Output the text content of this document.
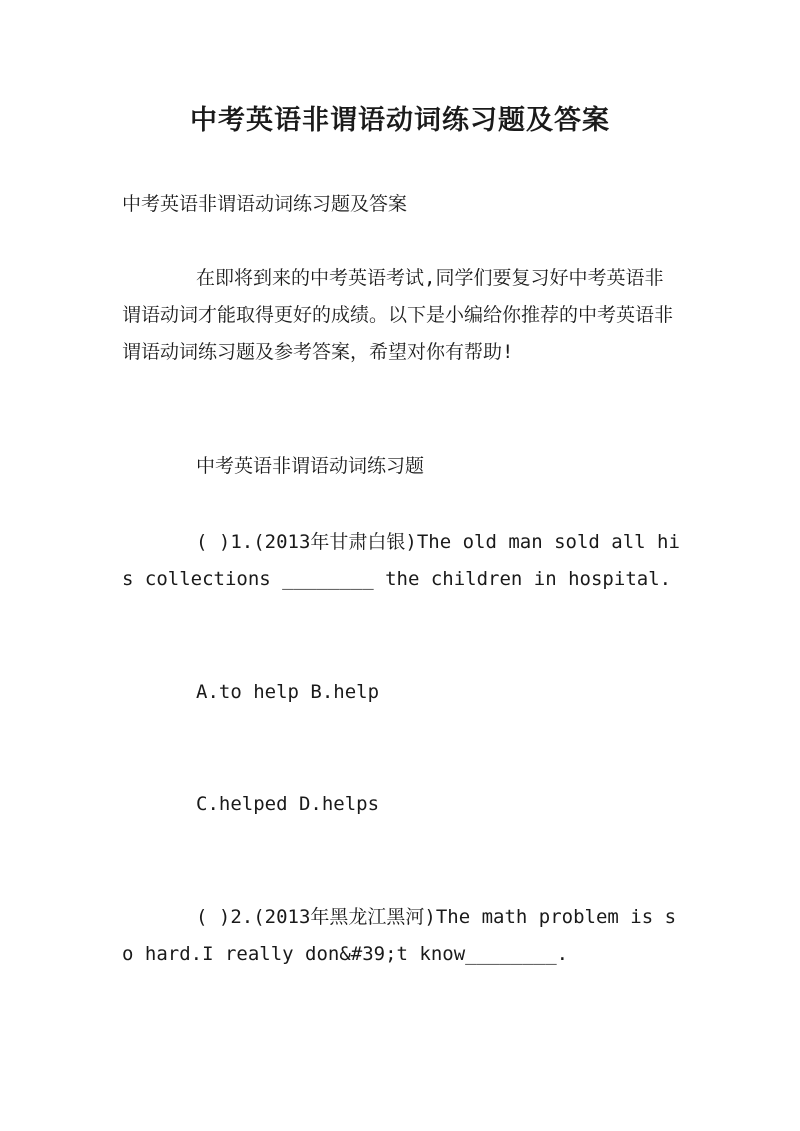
中考英语非谓语动词练习题及答案

中考英语非谓语动词练习题及答案

在即将到来的中考英语考试,同学们要复习好中考英语非谓语动词才能取得更好的成绩。以下是小编给你推荐的中考英语非谓语动词练习题及参考答案，希望对你有帮助!

中考英语非谓语动词练习题

( )1.(2013年甘肃白银)The old man sold all his collections ________ the children in hospital.

A.to help B.help

C.helped D.helps

( )2.(2013年黑龙江黑河)The math problem is so hard.I really don&#39;t know________.
